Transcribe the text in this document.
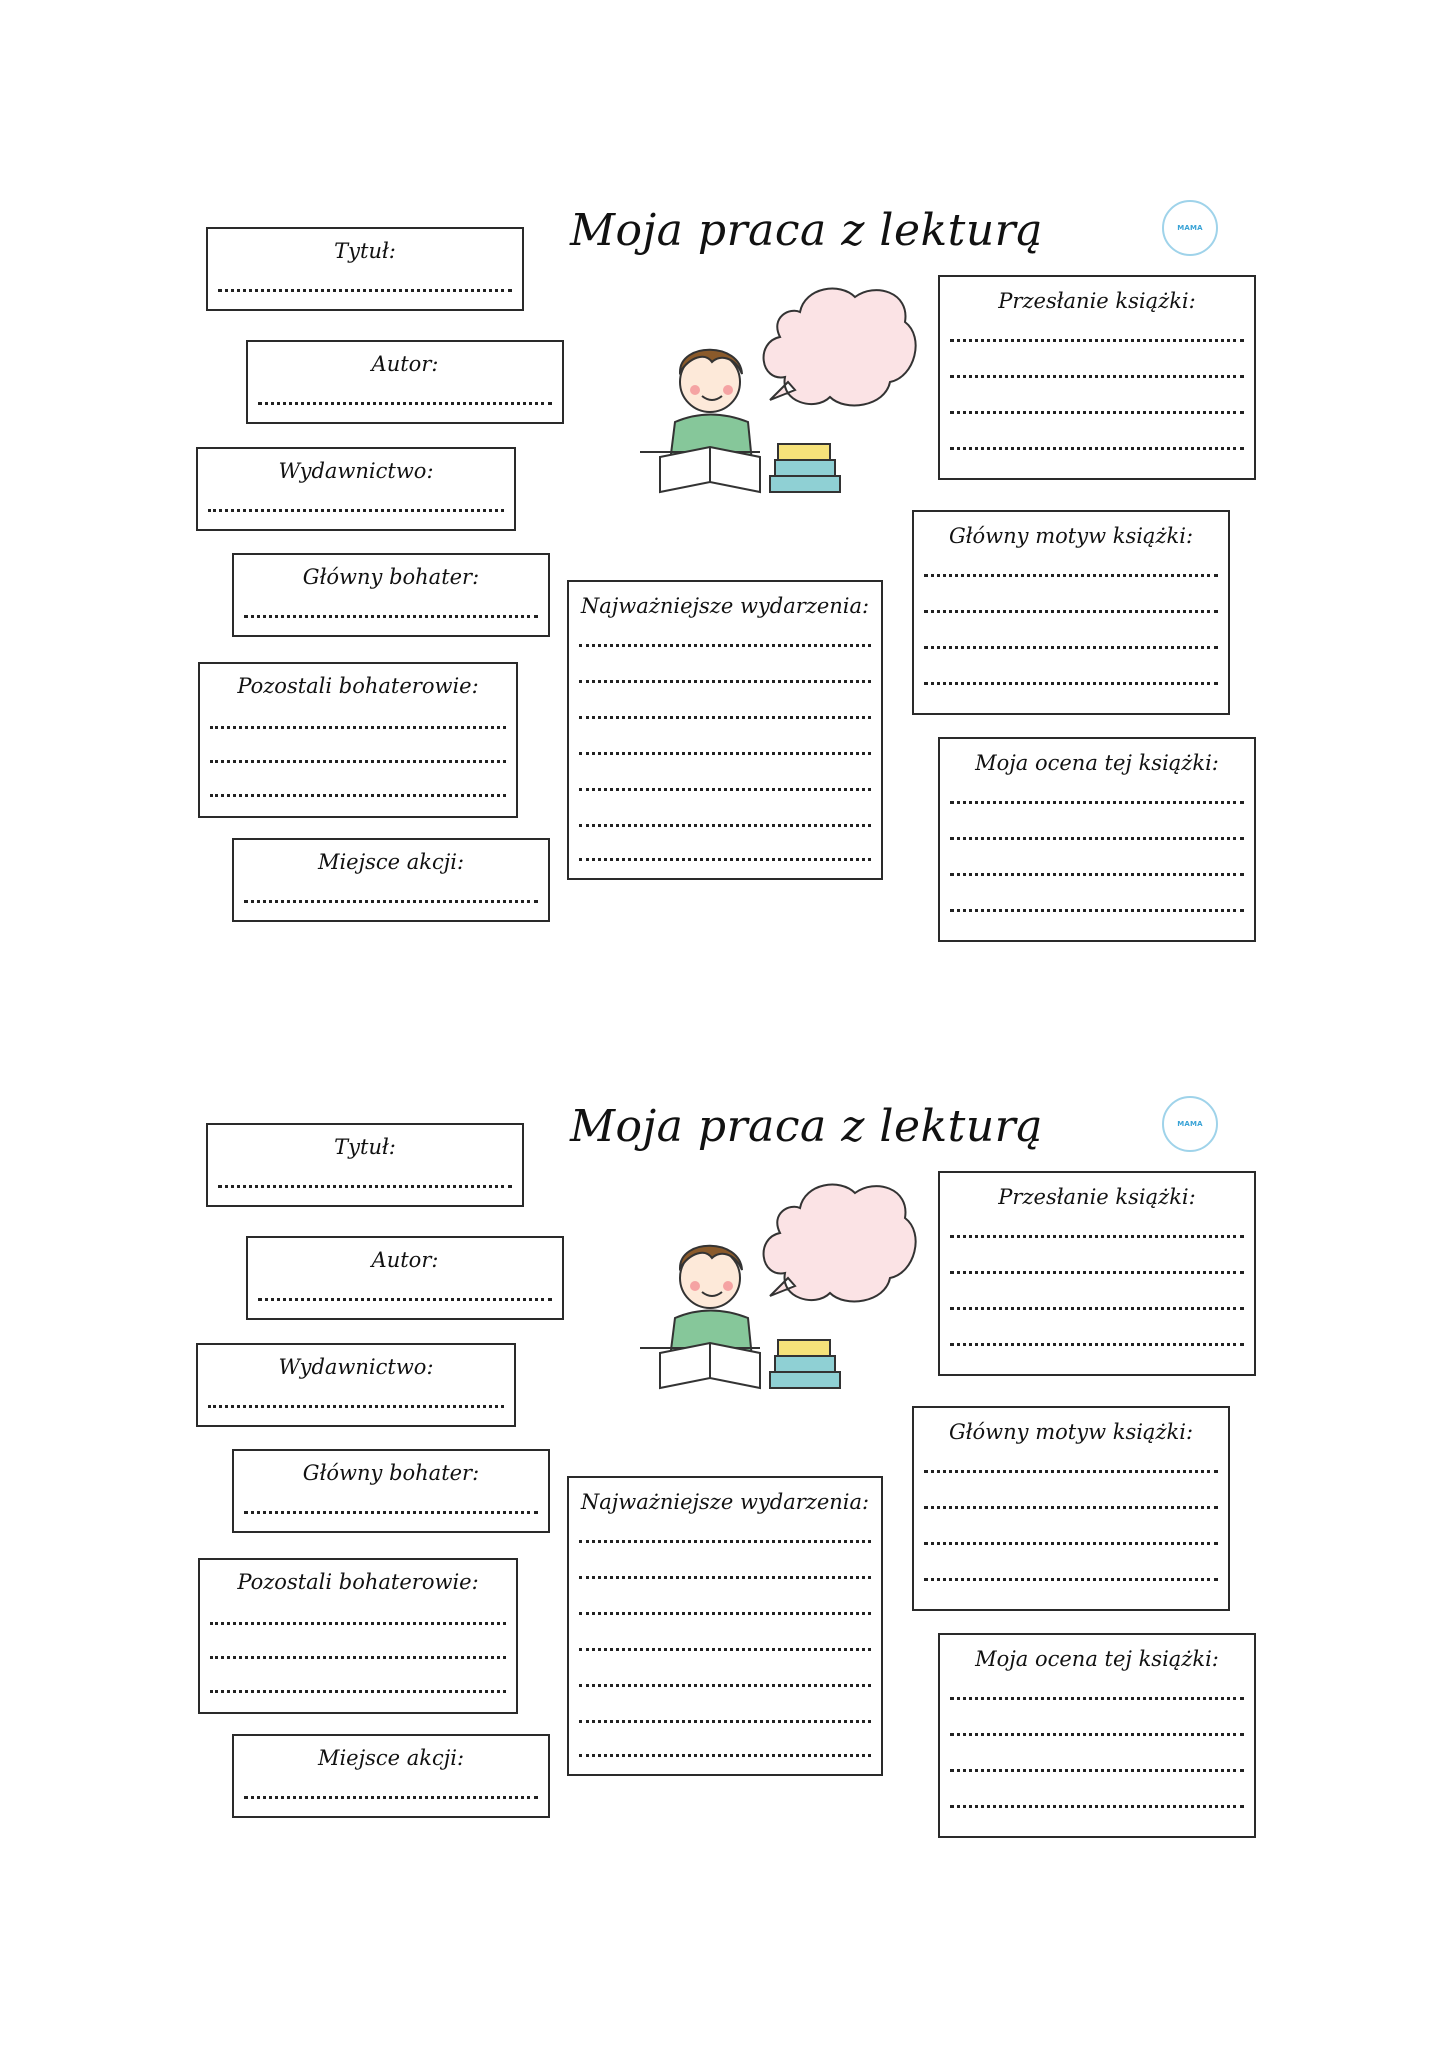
Moja praca z lekturą	MAMA
Tytuł:
Autor:
Wydawnictwo:
Główny bohater:
Pozostali bohaterowie:
Miejsce akcji:
Najważniejsze wydarzenia:
Przesłanie książki:
Główny motyw książki:
Moja ocena tej książki:
Moja praca z lekturą	MAMA
Tytuł:
Autor:
Wydawnictwo:
Główny bohater:
Pozostali bohaterowie:
Miejsce akcji:
Najważniejsze wydarzenia:
Przesłanie książki:
Główny motyw książki:
Moja ocena tej książki:
